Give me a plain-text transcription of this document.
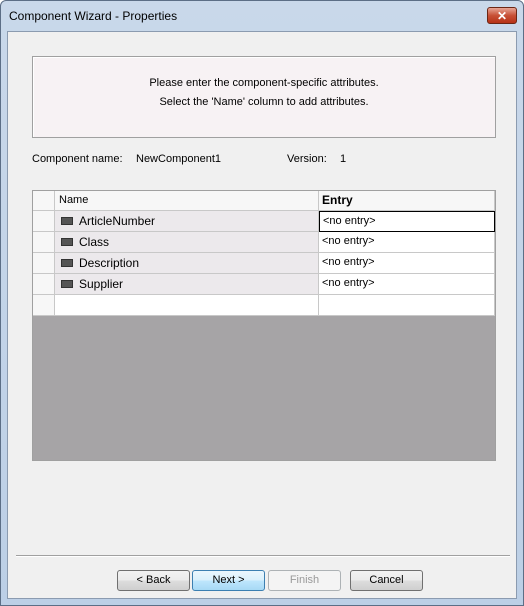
Component Wizard - Properties	✕
Please enter the component-specific attributes.
Select the 'Name' column to add attributes.
Component name: NewComponent1	Version: 1
Name	Entry
ArticleNumber	<no entry>
Class	<no entry>
Description	<no entry>
Supplier	<no entry>
< Back	Next >	Finish	Cancel
